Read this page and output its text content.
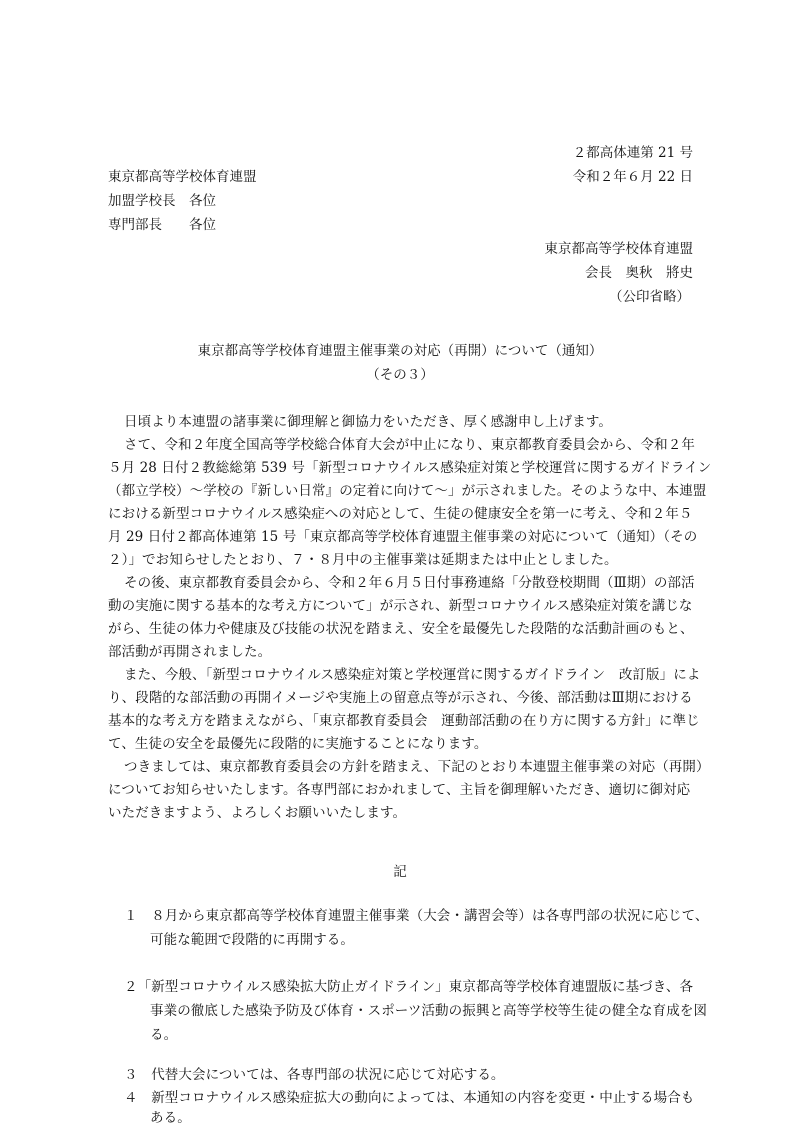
２都高体連第 21 号
令和２年６月 22 日
東京都高等学校体育連盟
加盟学校長　各位
専門部長　　各位
東京都高等学校体育連盟
会長　奥秋　將史
（公印省略）
東京都高等学校体育連盟主催事業の対応（再開）について（通知）
（その３）
日頃より本連盟の諸事業に御理解と御協力をいただき、厚く感謝申し上げます。
さて、令和２年度全国高等学校総合体育大会が中止になり、東京都教育委員会から、令和２年
５月 28 日付２教総総第 539 号「新型コロナウイルス感染症対策と学校運営に関するガイドライン
（都立学校）～学校の『新しい日常』の定着に向けて～」が示されました。そのような中、本連盟
における新型コロナウイルス感染症への対応として、生徒の健康安全を第一に考え、令和２年５
月 29 日付２都高体連第 15 号「東京都高等学校体育連盟主催事業の対応について（通知）（その
２）」でお知らせしたとおり、７・８月中の主催事業は延期または中止としました。
その後、東京都教育委員会から、令和２年６月５日付事務連絡「分散登校期間（Ⅲ期）の部活
動の実施に関する基本的な考え方について」が示され、新型コロナウイルス感染症対策を講じな
がら、生徒の体力や健康及び技能の状況を踏まえ、安全を最優先した段階的な活動計画のもと、
部活動が再開されました。
また、今般、「新型コロナウイルス感染症対策と学校運営に関するガイドライン　改訂版」によ
り、段階的な部活動の再開イメージや実施上の留意点等が示され、今後、部活動はⅢ期における
基本的な考え方を踏まえながら、「東京都教育委員会　運動部活動の在り方に関する方針」に準じ
て、生徒の安全を最優先に段階的に実施することになります。
つきましては、東京都教育委員会の方針を踏まえ、下記のとおり本連盟主催事業の対応（再開）
についてお知らせいたします。各専門部におかれまして、主旨を御理解いただき、適切に御対応
いただきますよう、よろしくお願いいたします。
記
１　８月から東京都高等学校体育連盟主催事業（大会・講習会等）は各専門部の状況に応じて、
可能な範囲で段階的に再開する。
２「新型コロナウイルス感染拡大防止ガイドライン」東京都高等学校体育連盟版に基づき、各
事業の徹底した感染予防及び体育・スポーツ活動の振興と高等学校等生徒の健全な育成を図
る。
３　代替大会については、各専門部の状況に応じて対応する。
４　新型コロナウイルス感染症拡大の動向によっては、本通知の内容を変更・中止する場合も
ある。
